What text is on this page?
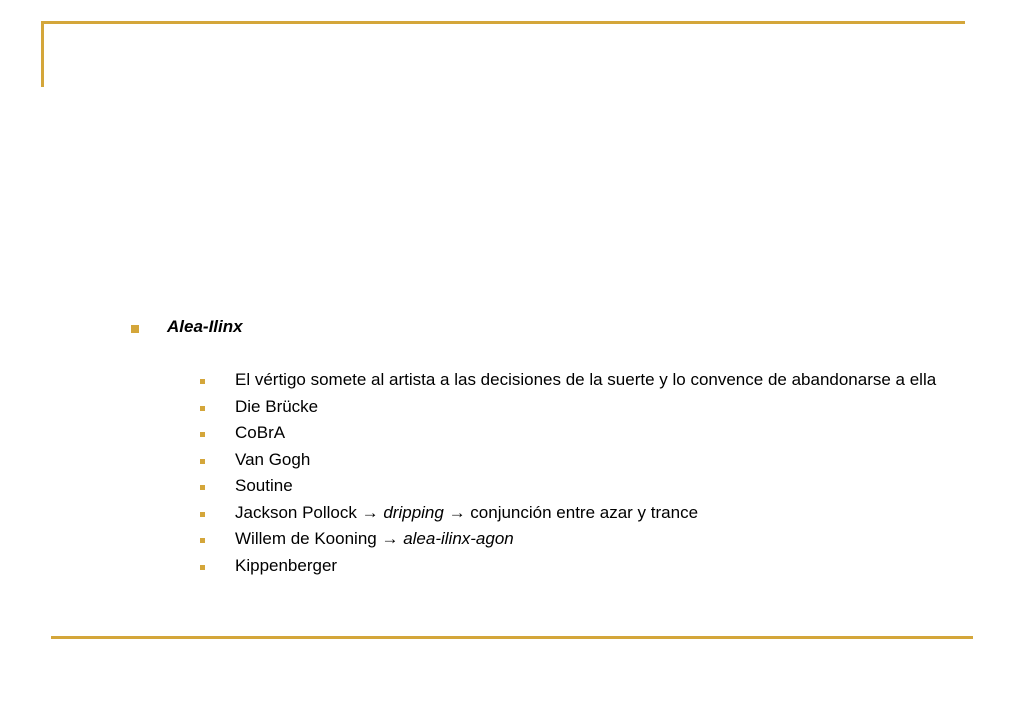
Alea-Ilinx
El vértigo somete al artista a las decisiones de la suerte y lo convence de abandonarse a ella
Die Brücke
CoBrA
Van Gogh
Soutine
Jackson Pollock → dripping → conjunción entre azar y trance
Willem de Kooning → alea-ilinx-agon
Kippenberger
